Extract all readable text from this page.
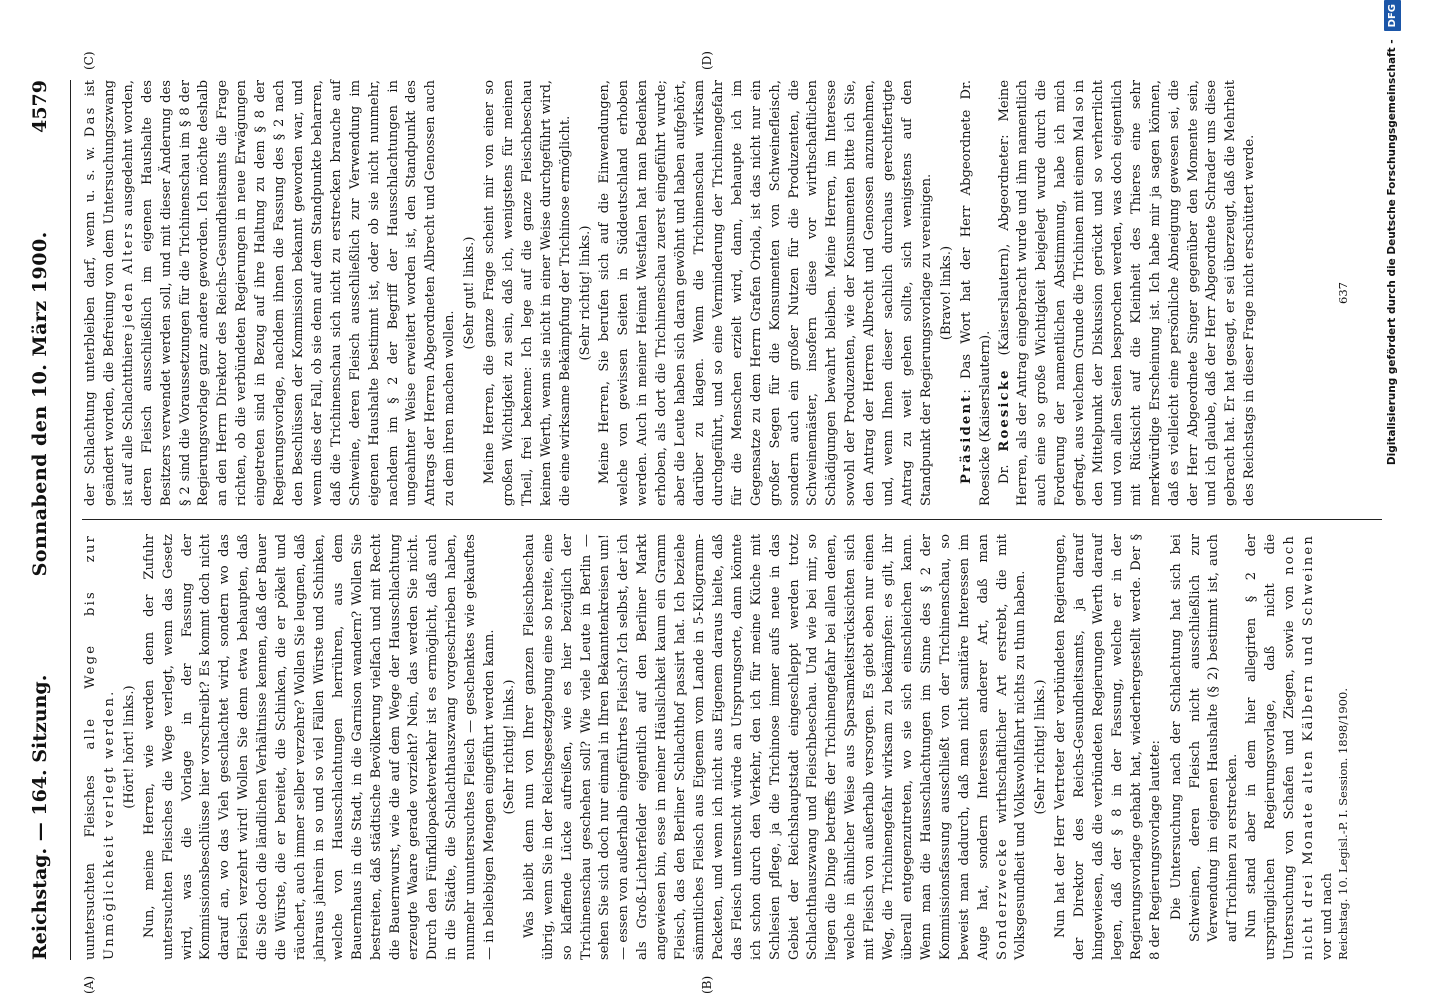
Reichstag. — 164. Sitzung.
Sonnabend den 10. März 1900.
4579
(A)	(B)
(C)	(D)

uuntersuchten Fleisches alle Wege bis zur Unmöglichkeit verlegt werden. (Hört! hört! links.) Nun, meine Herren, wie werden denn der Zufuhr untersuchten Fleisches die Wege verlegt, wenn das Gesetz wird, was die Vorlage in der Fassung der Kommissionsbeschlüsse hier vorschreibt? Es kommt doch nicht darauf an, wo das Vieh geschlachtet wird, sondern wo das Fleisch verzehrt wird! Wollen Sie denn etwa behaupten, daß die Sie doch die ländlichen Verhältnisse kennen, daß der Bauer die Würste, die er bereitet, die Schinken, die er pökelt und räuchert, auch immer selber verzehre? Wollen Sie leugnen, daß jahraus jahrein in so und so viel Fällen Würste und Schinken, welche von Hausschlachtungen herrühren, aus dem Bauernhaus in die Stadt, in die Garnison wandern? Wollen Sie bestreiten, daß städtische Bevölkerung vielfach und mit Recht die Bauernwurst, wie die auf dem Wege der Hausschlachtung erzeugte Waare gerade vorzieht? Nein, das werden Sie nicht. Durch den Fünfkilopacketverkehr ist es ermöglicht, daß auch in die Städte, die Schlachthauszwang vorgeschrieben haben, nunmehr ununtersuchtes Fleisch — geschenktes wie gekauftes — in beliebigen Mengen eingeführt werden kann. (Sehr richtig! links.) Was bleibt denn nun von Ihrer ganzen Fleischbeschau übrig, wenn Sie in der Reichsgesetzgebung eine so breite, eine so klaffende Lücke aufreißen, wie es hier bezüglich der Trichinenschau geschehen soll? Wie viele Leute in Berlin — sehen Sie sich doch nur einmal in Ihren Bekanntenkreisen um! — essen von außerhalb eingeführtes Fleisch? Ich selbst, der ich als Groß-Lichterfelder eigentlich auf den Berliner Markt angewiesen bin, esse in meiner Häuslichkeit kaum ein Gramm Fleisch, das den Berliner Schlachthof passirt hat. Ich beziehe sämmtliches Fleisch aus Eigenem vom Lande in 5-Kilogramm-Packeten, und wenn ich nicht aus Eigenem daraus hielte, daß das Fleisch untersucht würde an Ursprungsorte, dann könnte ich schon durch den Verkehr, den ich für meine Küche mit Schlesien pflege, ja die Trichinose immer aufs neue in das Gebiet der Reichshauptstadt eingeschleppt werden trotz Schlachthauszwang und Fleischbeschau. Und wie bei mir, so liegen die Dinge betreffs der Trichinengefahr bei allen denen, welche in ähnlicher Weise aus Sparsamkeitsrücksichten sich mit Fleisch von außerhalb versorgen. Es giebt eben nur einen Weg, die Trichinengefahr wirksam zu bekämpfen: es gilt, ihr überall entgegenzutreten, wo sie sich einschleichen kann. Wenn man die Hausschlachtungen im Sinne des § 2 der Kommissionsfassung ausschließt von der Trichinenschau, so beweist man dadurch, daß man nicht sanitäre Interessen im Auge hat, sondern Interessen anderer Art, daß man Sonderzwecke wirthschaftlicher Art erstrebt, die mit Volksgesundheit und Volkswohlfahrt nichts zu thun haben. (Sehr richtig! links.) Nun hat der Herr Vertreter der verbündeten Regierungen, der Direktor des Reichs-Gesundheitsamts, ja darauf hingewiesen, daß die verbündeten Regierungen Werth darauf legen, daß der § 8 in der Fassung, welche er in der Regierungsvorlage gehabt hat, wiederhergestellt werde. Der § 8 der Regierungsvorlage lautete: Die Untersuchung nach der Schlachtung hat sich bei Schweinen, deren Fleisch nicht ausschließlich zur Verwendung im eigenen Haushalte (§ 2) bestimmt ist, auch auf Trichinen zu erstrecken. Nun stand aber in dem hier allegirten § 2 der ursprünglichen Regierungsvorlage, daß nicht die Untersuchung von Schafen und Ziegen, sowie von noch nicht drei Monate alten Kälbern und Schweinen vor und nach

der Schlachtung unterbleiben darf, wenn u. s. w. Das ist geändert worden, die Befreiung von dem Untersuchungszwang ist auf alle Schlachtthiere jeden Alters ausgedehnt worden, deren Fleisch ausschließlich im eigenen Haushalte des Besitzers verwendet werden soll, und mit dieser Änderung des § 2 sind die Voraussetzungen für die Trichinenschau im § 8 der Regierungsvorlage ganz andere geworden. Ich möchte deshalb an den Herrn Direktor des Reichs-Gesundheitsamts die Frage richten, ob die verbündeten Regierungen in neue Erwägungen eingetreten sind in Bezug auf ihre Haltung zu dem § 8 der Regierungsvorlage, nachdem ihnen die Fassung des § 2 nach den Beschlüssen der Kommission bekannt geworden war, und wenn dies der Fall, ob sie denn auf dem Standpunkte beharren, daß die Trichinenschau sich nicht zu erstrecken brauche auf Schweine, deren Fleisch ausschließlich zur Verwendung im eigenen Haushalte bestimmt ist, oder ob sie nicht nunmehr, nachdem im § 2 der Begriff der Hausschlachtungen in ungeahnter Weise erweitert worden ist, den Standpunkt des Antrags der Herren Abgeordneten Albrecht und Genossen auch zu dem ihren machen wollen.

(Sehr gut! links.) Meine Herren, die ganze Frage scheint mir von einer so großen Wichtigkeit zu sein, daß ich, wenigstens für meinen Theil, frei bekenne: Ich lege auf die ganze Fleischbeschau keinen Werth, wenn sie nicht in einer Weise durchgeführt wird, die eine wirksame Bekämpfung der Trichinose ermöglicht. (Sehr richtig! links.) Meine Herren, Sie berufen sich auf die Einwendungen, welche von gewissen Seiten in Süddeutschland erhoben werden. Auch in meiner Heimat Westfalen hat man Bedenken erhoben, als dort die Trichinenschau zuerst eingeführt wurde; aber die Leute haben sich daran gewöhnt und haben aufgehört, darüber zu klagen. Wenn die Trichinenschau wirksam durchgeführt, und so eine Verminderung der Trichinengefahr für die Menschen erzielt wird, dann, behaupte ich im Gegensatze zu dem Herrn Grafen Oriola, ist das nicht nur ein großer Segen für die Konsumenten von Schweinefleisch, sondern auch ein großer Nutzen für die Produzenten, die Schweinemäster, insofern diese vor wirthschaftlichen Schädigungen bewahrt bleiben. Meine Herren, im Interesse sowohl der Produzenten, wie der Konsumenten bitte ich Sie, den Antrag der Herren Albrecht und Genossen anzunehmen, und, wenn Ihnen dieser sachlich durchaus gerechtfertigte Antrag zu weit gehen sollte, sich wenigstens auf den Standpunkt der Regierungsvorlage zu vereinigen. (Bravo! links.)

Präsident: Das Wort hat der Herr Abgeordnete Dr. Roesicke (Kaiserslautern). Dr. Roesicke (Kaiserslautern), Abgeordneter: Meine Herren, als der Antrag eingebracht wurde und ihm namentlich auch eine so große Wichtigkeit beigelegt wurde durch die Forderung der namentlichen Abstimmung, habe ich mich gefragt, aus welchem Grunde die Trichinen mit einem Mal so in den Mittelpunkt der Diskussion gerückt und so verherrlicht und von allen Seiten besprochen werden, was doch eigentlich mit Rücksicht auf die Kleinheit des Thieres eine sehr merkwürdige Erscheinung ist. Ich habe mir ja sagen können, daß es vielleicht eine persönliche Abneigung gewesen sei, die der Herr Abgeordnete Singer gegenüber den Momente sein, und ich glaube, daß der Herr Abgeordnete Schrader uns diese gebracht hat. Er hat gesagt, er sei überzeugt, daß die Mehrheit des Reichstags in dieser Frage nicht erschüttert werde.

Reichstag. 10. Legisl.-P. I. Session. 1898/1900.
637	Digitalisierung gefördert durch die Deutsche Forschungsgemeinschaft -
DFG
